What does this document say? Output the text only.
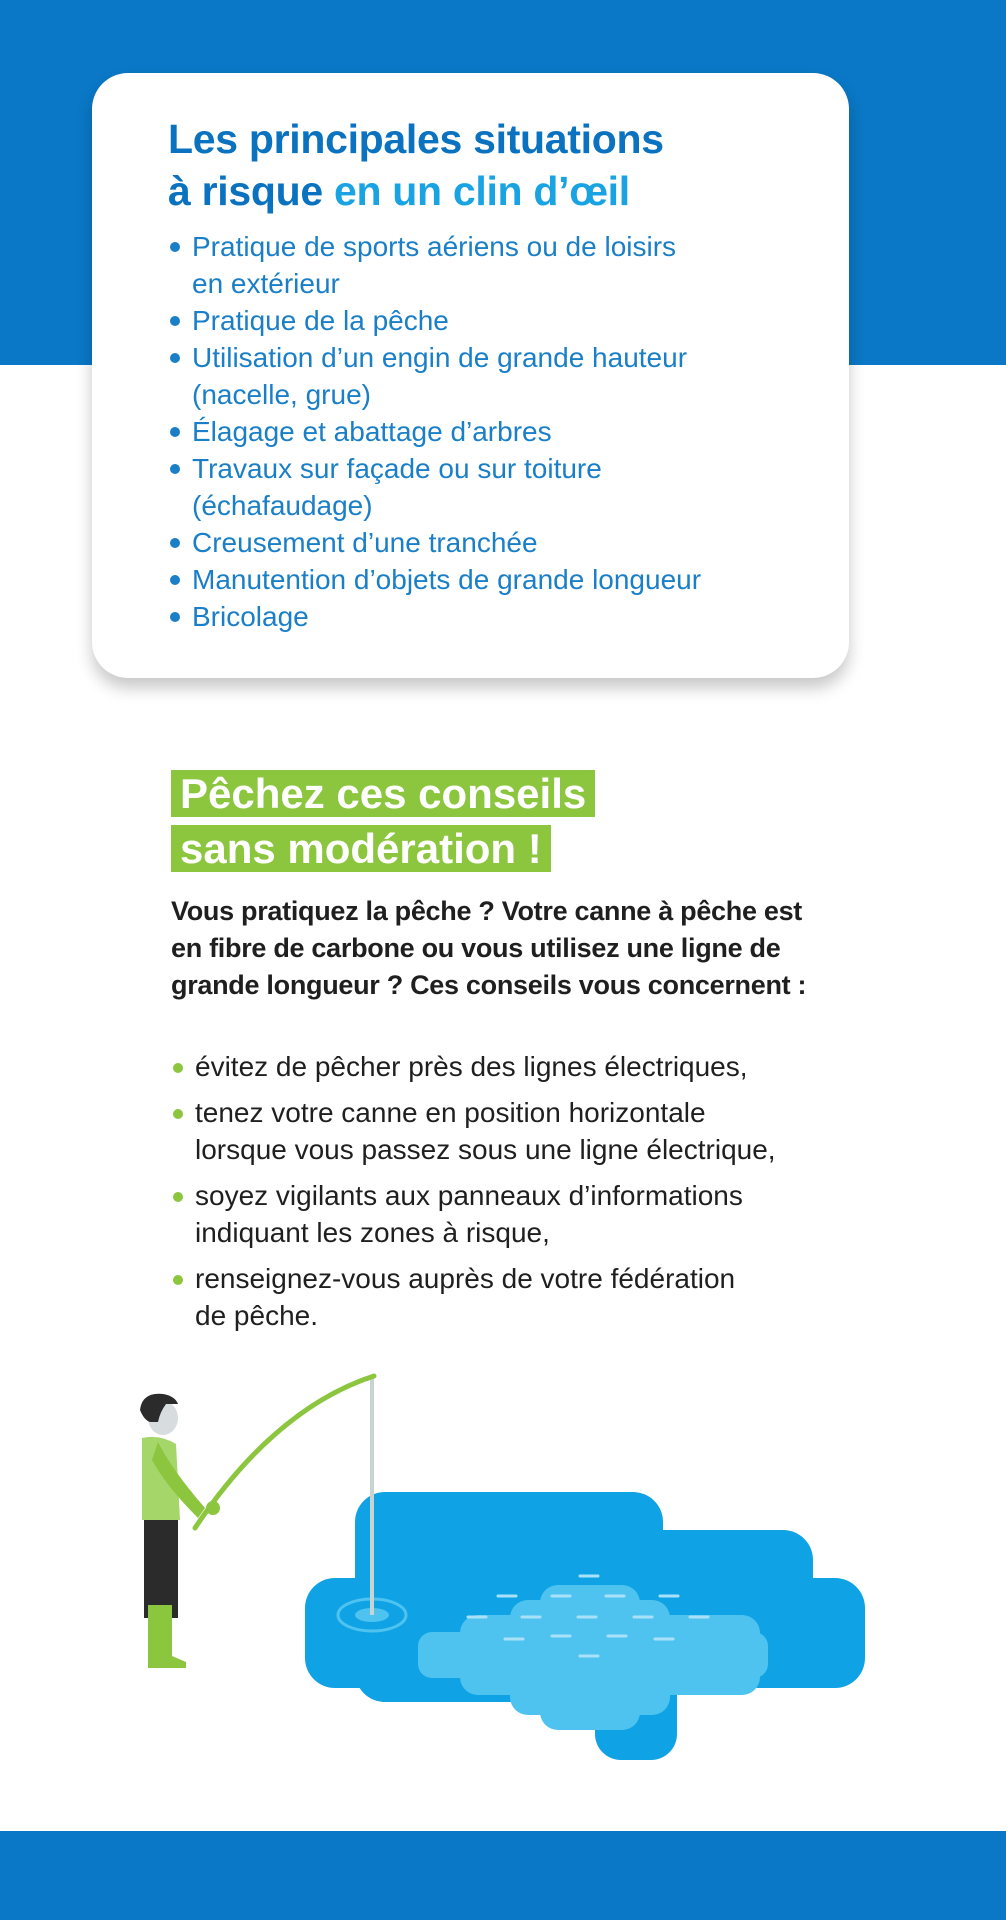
Les principales situations
à risque en un clin d’œil
Pratique de sports aériens ou de loisirs
en extérieur
Pratique de la pêche
Utilisation d’un engin de grande hauteur
(nacelle, grue)
Élagage et abattage d’arbres
Travaux sur façade ou sur toiture
(échafaudage)
Creusement d’une tranchée
Manutention d’objets de grande longueur
Bricolage
Pêchez ces conseils
sans modération !

Vous pratiquez la pêche ? Votre canne à pêche est en fibre de carbone ou vous utilisez une ligne de grande longueur ? Ces conseils vous concernent :

évitez de pêcher près des lignes électriques,
tenez votre canne en position horizontale
lorsque vous passez sous une ligne électrique,
soyez vigilants aux panneaux d’informations
indiquant les zones à risque,
renseignez-vous auprès de votre fédération
de pêche.
